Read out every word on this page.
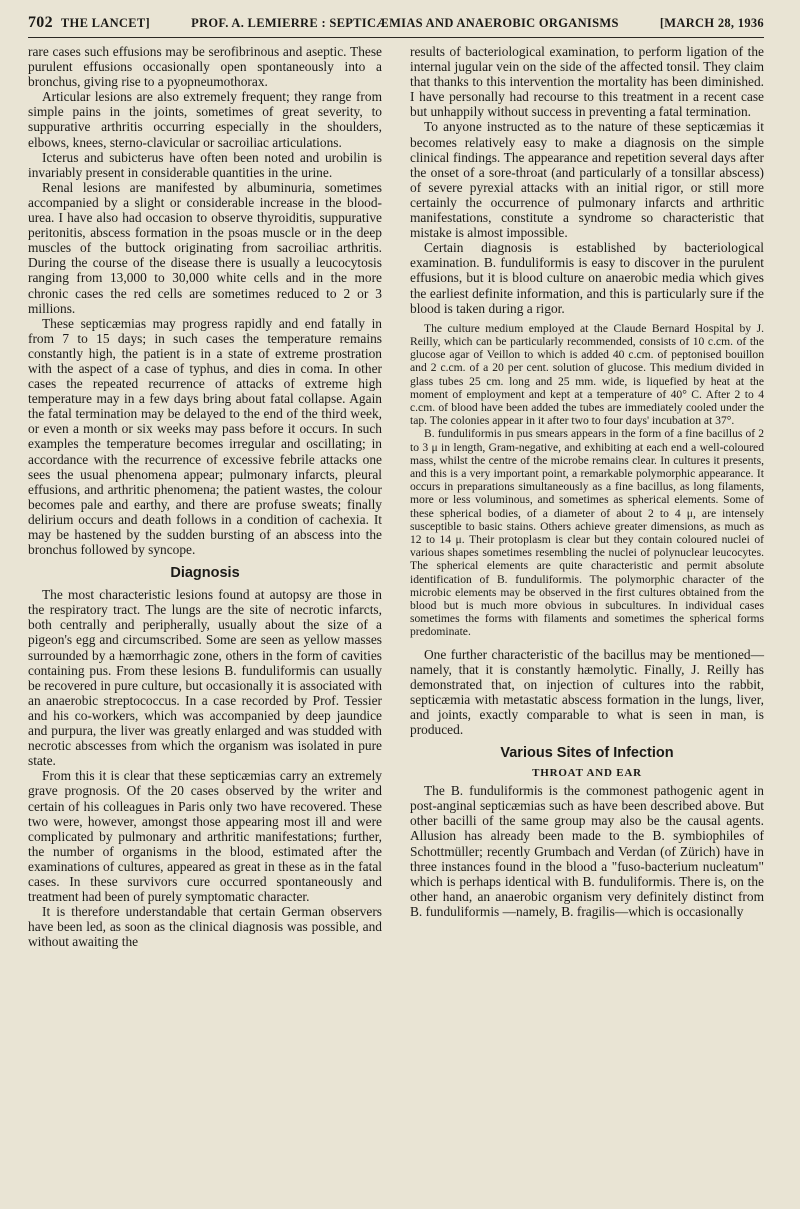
702 THE LANCET]	PROF. A. LEMIERRE : SEPTICÆMIAS AND ANAEROBIC ORGANISMS	[MARCH 28, 1936

rare cases such effusions may be serofibrinous and aseptic. These purulent effusions occasionally open spontaneously into a bronchus, giving rise to a pyopneumothorax.

Articular lesions are also extremely frequent; they range from simple pains in the joints, sometimes of great severity, to suppurative arthritis occurring especially in the shoulders, elbows, knees, sterno-clavicular or sacroiliac articulations.

Icterus and subicterus have often been noted and urobilin is invariably present in considerable quantities in the urine.

Renal lesions are manifested by albuminuria, sometimes accompanied by a slight or considerable increase in the blood-urea. I have also had occasion to observe thyroiditis, suppurative peritonitis, abscess formation in the psoas muscle or in the deep muscles of the buttock originating from sacroiliac arthritis. During the course of the disease there is usually a leucocytosis ranging from 13,000 to 30,000 white cells and in the more chronic cases the red cells are sometimes reduced to 2 or 3 millions.

These septicæmias may progress rapidly and end fatally in from 7 to 15 days; in such cases the temperature remains constantly high, the patient is in a state of extreme prostration with the aspect of a case of typhus, and dies in coma. In other cases the repeated recurrence of attacks of extreme high temperature may in a few days bring about fatal collapse. Again the fatal termination may be delayed to the end of the third week, or even a month or six weeks may pass before it occurs. In such examples the temperature becomes irregular and oscillating; in accordance with the recurrence of excessive febrile attacks one sees the usual phenomena appear; pulmonary infarcts, pleural effusions, and arthritic phenomena; the patient wastes, the colour becomes pale and earthy, and there are profuse sweats; finally delirium occurs and death follows in a condition of cachexia. It may be hastened by the sudden bursting of an abscess into the bronchus followed by syncope.

Diagnosis

The most characteristic lesions found at autopsy are those in the respiratory tract. The lungs are the site of necrotic infarcts, both centrally and peripherally, usually about the size of a pigeon's egg and circumscribed. Some are seen as yellow masses surrounded by a hæmorrhagic zone, others in the form of cavities containing pus. From these lesions B. funduliformis can usually be recovered in pure culture, but occasionally it is associated with an anaerobic streptococcus. In a case recorded by Prof. Tessier and his co-workers, which was accompanied by deep jaundice and purpura, the liver was greatly enlarged and was studded with necrotic abscesses from which the organism was isolated in pure state.

From this it is clear that these septicæmias carry an extremely grave prognosis. Of the 20 cases observed by the writer and certain of his colleagues in Paris only two have recovered. These two were, however, amongst those appearing most ill and were complicated by pulmonary and arthritic manifestations; further, the number of organisms in the blood, estimated after the examinations of cultures, appeared as great in these as in the fatal cases. In these survivors cure occurred spontaneously and treatment had been of purely symptomatic character.

It is therefore understandable that certain German observers have been led, as soon as the clinical diagnosis was possible, and without awaiting the

results of bacteriological examination, to perform ligation of the internal jugular vein on the side of the affected tonsil. They claim that thanks to this intervention the mortality has been diminished. I have personally had recourse to this treatment in a recent case but unhappily without success in preventing a fatal termination.

To anyone instructed as to the nature of these septicæmias it becomes relatively easy to make a diagnosis on the simple clinical findings. The appearance and repetition several days after the onset of a sore-throat (and particularly of a tonsillar abscess) of severe pyrexial attacks with an initial rigor, or still more certainly the occurrence of pulmonary infarcts and arthritic manifestations, constitute a syndrome so characteristic that mistake is almost impossible.

Certain diagnosis is established by bacteriological examination. B. funduliformis is easy to discover in the purulent effusions, but it is blood culture on anaerobic media which gives the earliest definite information, and this is particularly sure if the blood is taken during a rigor.

The culture medium employed at the Claude Bernard Hospital by J. Reilly, which can be particularly recommended, consists of 10 c.cm. of the glucose agar of Veillon to which is added 40 c.cm. of peptonised bouillon and 2 c.cm. of a 20 per cent. solution of glucose. This medium divided in glass tubes 25 cm. long and 25 mm. wide, is liquefied by heat at the moment of employment and kept at a temperature of 40° C. After 2 to 4 c.cm. of blood have been added the tubes are immediately cooled under the tap. The colonies appear in it after two to four days' incubation at 37°.

B. funduliformis in pus smears appears in the form of a fine bacillus of 2 to 3 μ in length, Gram-negative, and exhibiting at each end a well-coloured mass, whilst the centre of the microbe remains clear. In cultures it presents, and this is a very important point, a remarkable polymorphic appearance. It occurs in preparations simultaneously as a fine bacillus, as long filaments, more or less voluminous, and sometimes as spherical elements. Some of these spherical bodies, of a diameter of about 2 to 4 μ, are intensely susceptible to basic stains. Others achieve greater dimensions, as much as 12 to 14 μ. Their protoplasm is clear but they contain coloured nuclei of various shapes sometimes resembling the nuclei of polynuclear leucocytes. The spherical elements are quite characteristic and permit absolute identification of B. funduliformis. The polymorphic character of the microbic elements may be observed in the first cultures obtained from the blood but is much more obvious in subcultures. In individual cases sometimes the forms with filaments and sometimes the spherical forms predominate.

One further characteristic of the bacillus may be mentioned—namely, that it is constantly hæmolytic. Finally, J. Reilly has demonstrated that, on injection of cultures into the rabbit, septicæmia with metastatic abscess formation in the lungs, liver, and joints, exactly comparable to what is seen in man, is produced.

Various Sites of Infection
THROAT AND EAR

The B. funduliformis is the commonest pathogenic agent in post-anginal septicæmias such as have been described above. But other bacilli of the same group may also be the causal agents. Allusion has already been made to the B. symbiophiles of Schottmüller; recently Grumbach and Verdan (of Zürich) have in three instances found in the blood a "fuso-bacterium nucleatum" which is perhaps identical with B. funduliformis. There is, on the other hand, an anaerobic organism very definitely distinct from B. funduliformis —namely, B. fragilis—which is occasionally
